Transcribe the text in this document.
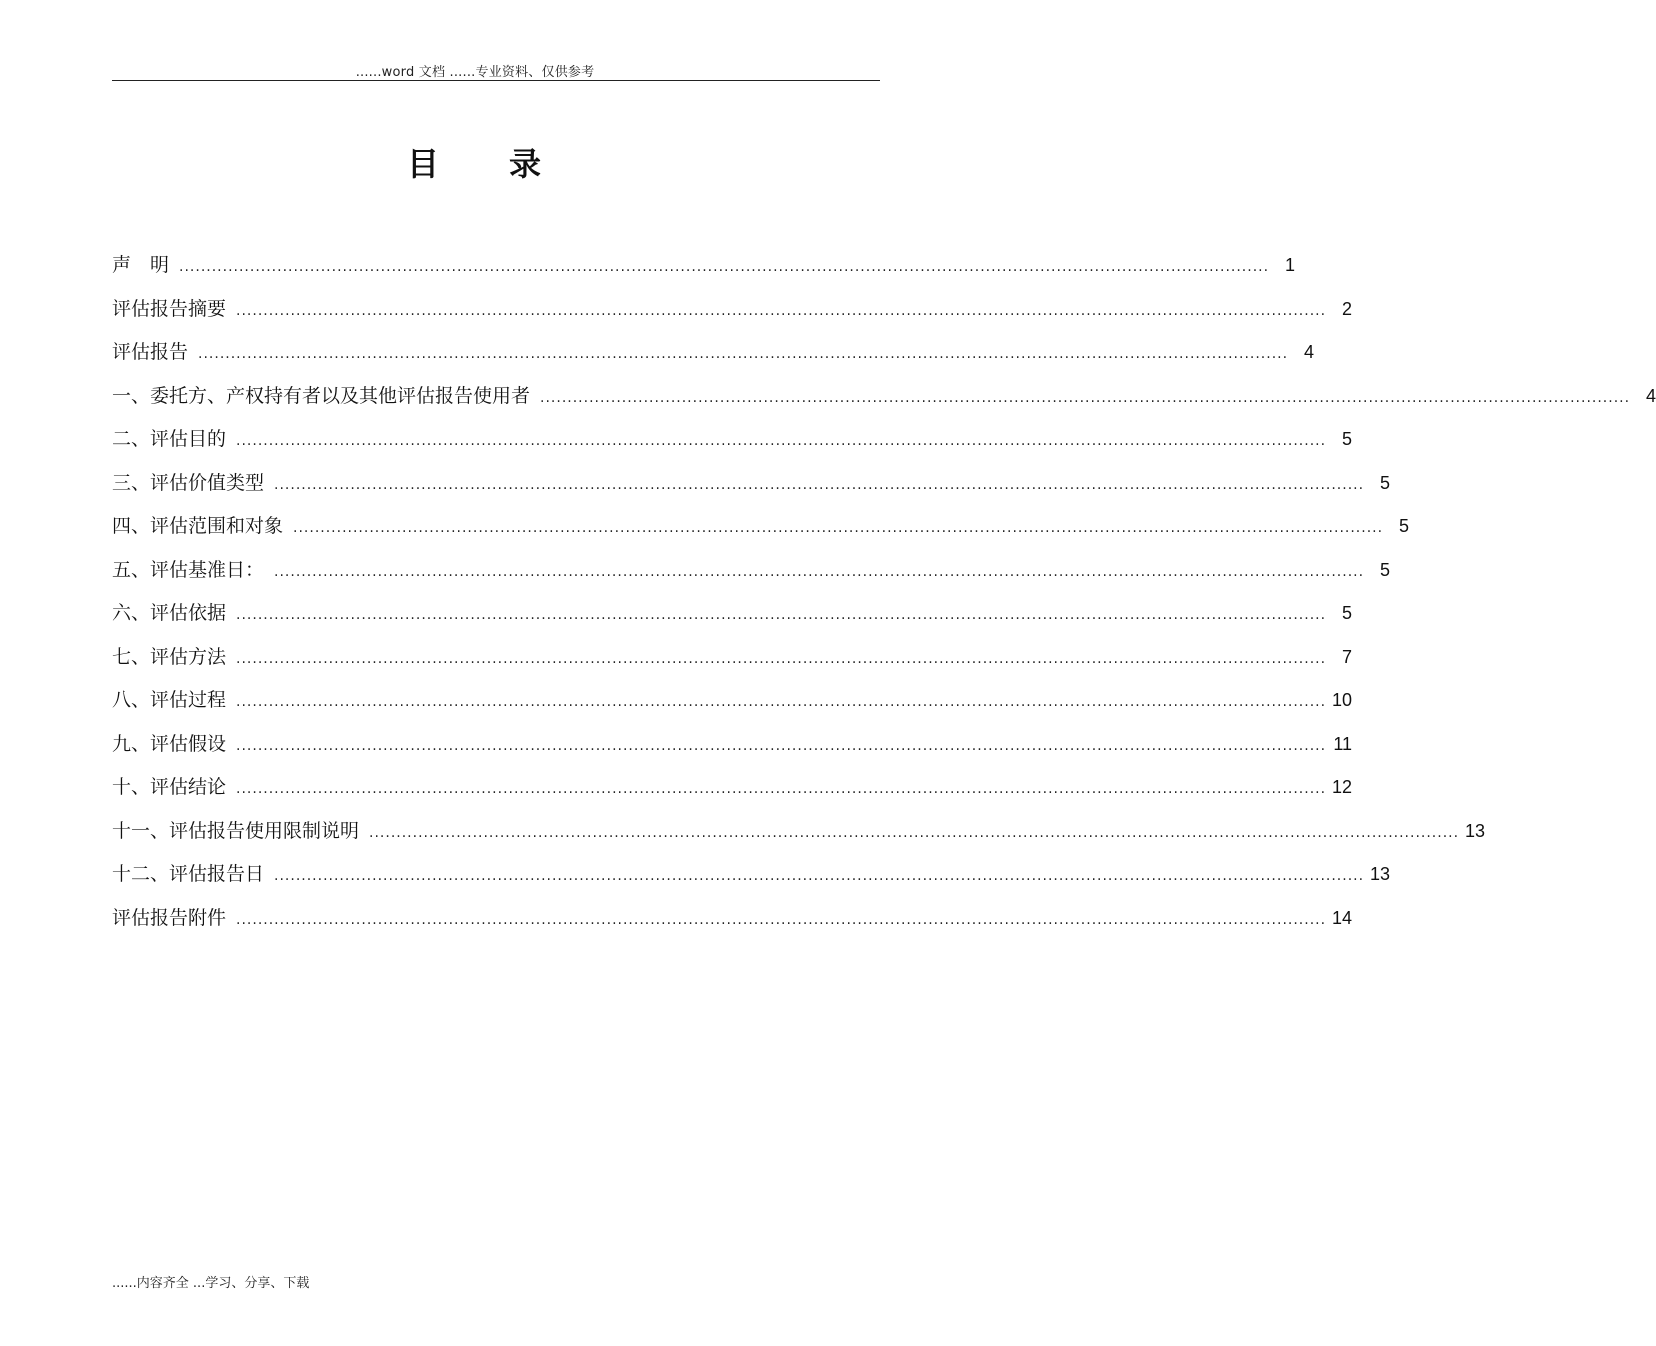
......word 文档 ......专业资料、仅供参考
目　　录
声　明 ........................................................................................................................................................................................................ 1
评估报告摘要 ........................................................................................................................................................................................................ 2
评估报告 ........................................................................................................................................................................................................ 4
一、委托方、产权持有者以及其他评估报告使用者 ........................................................................................................................................................................................................ 4
二、评估目的 ........................................................................................................................................................................................................ 5
三、评估价值类型 ........................................................................................................................................................................................................ 5
四、评估范围和对象 ........................................................................................................................................................................................................ 5
五、评估基准日： ........................................................................................................................................................................................................ 5
六、评估依据 ........................................................................................................................................................................................................ 5
七、评估方法 ........................................................................................................................................................................................................ 7
八、评估过程 ........................................................................................................................................................................................................ 10
九、评估假设 ........................................................................................................................................................................................................ 11
十、评估结论 ........................................................................................................................................................................................................ 12
十一、评估报告使用限制说明 ........................................................................................................................................................................................................ 13
十二、评估报告日 ........................................................................................................................................................................................................ 13
评估报告附件 ........................................................................................................................................................................................................ 14
......内容齐全 ...学习、分享、下载
